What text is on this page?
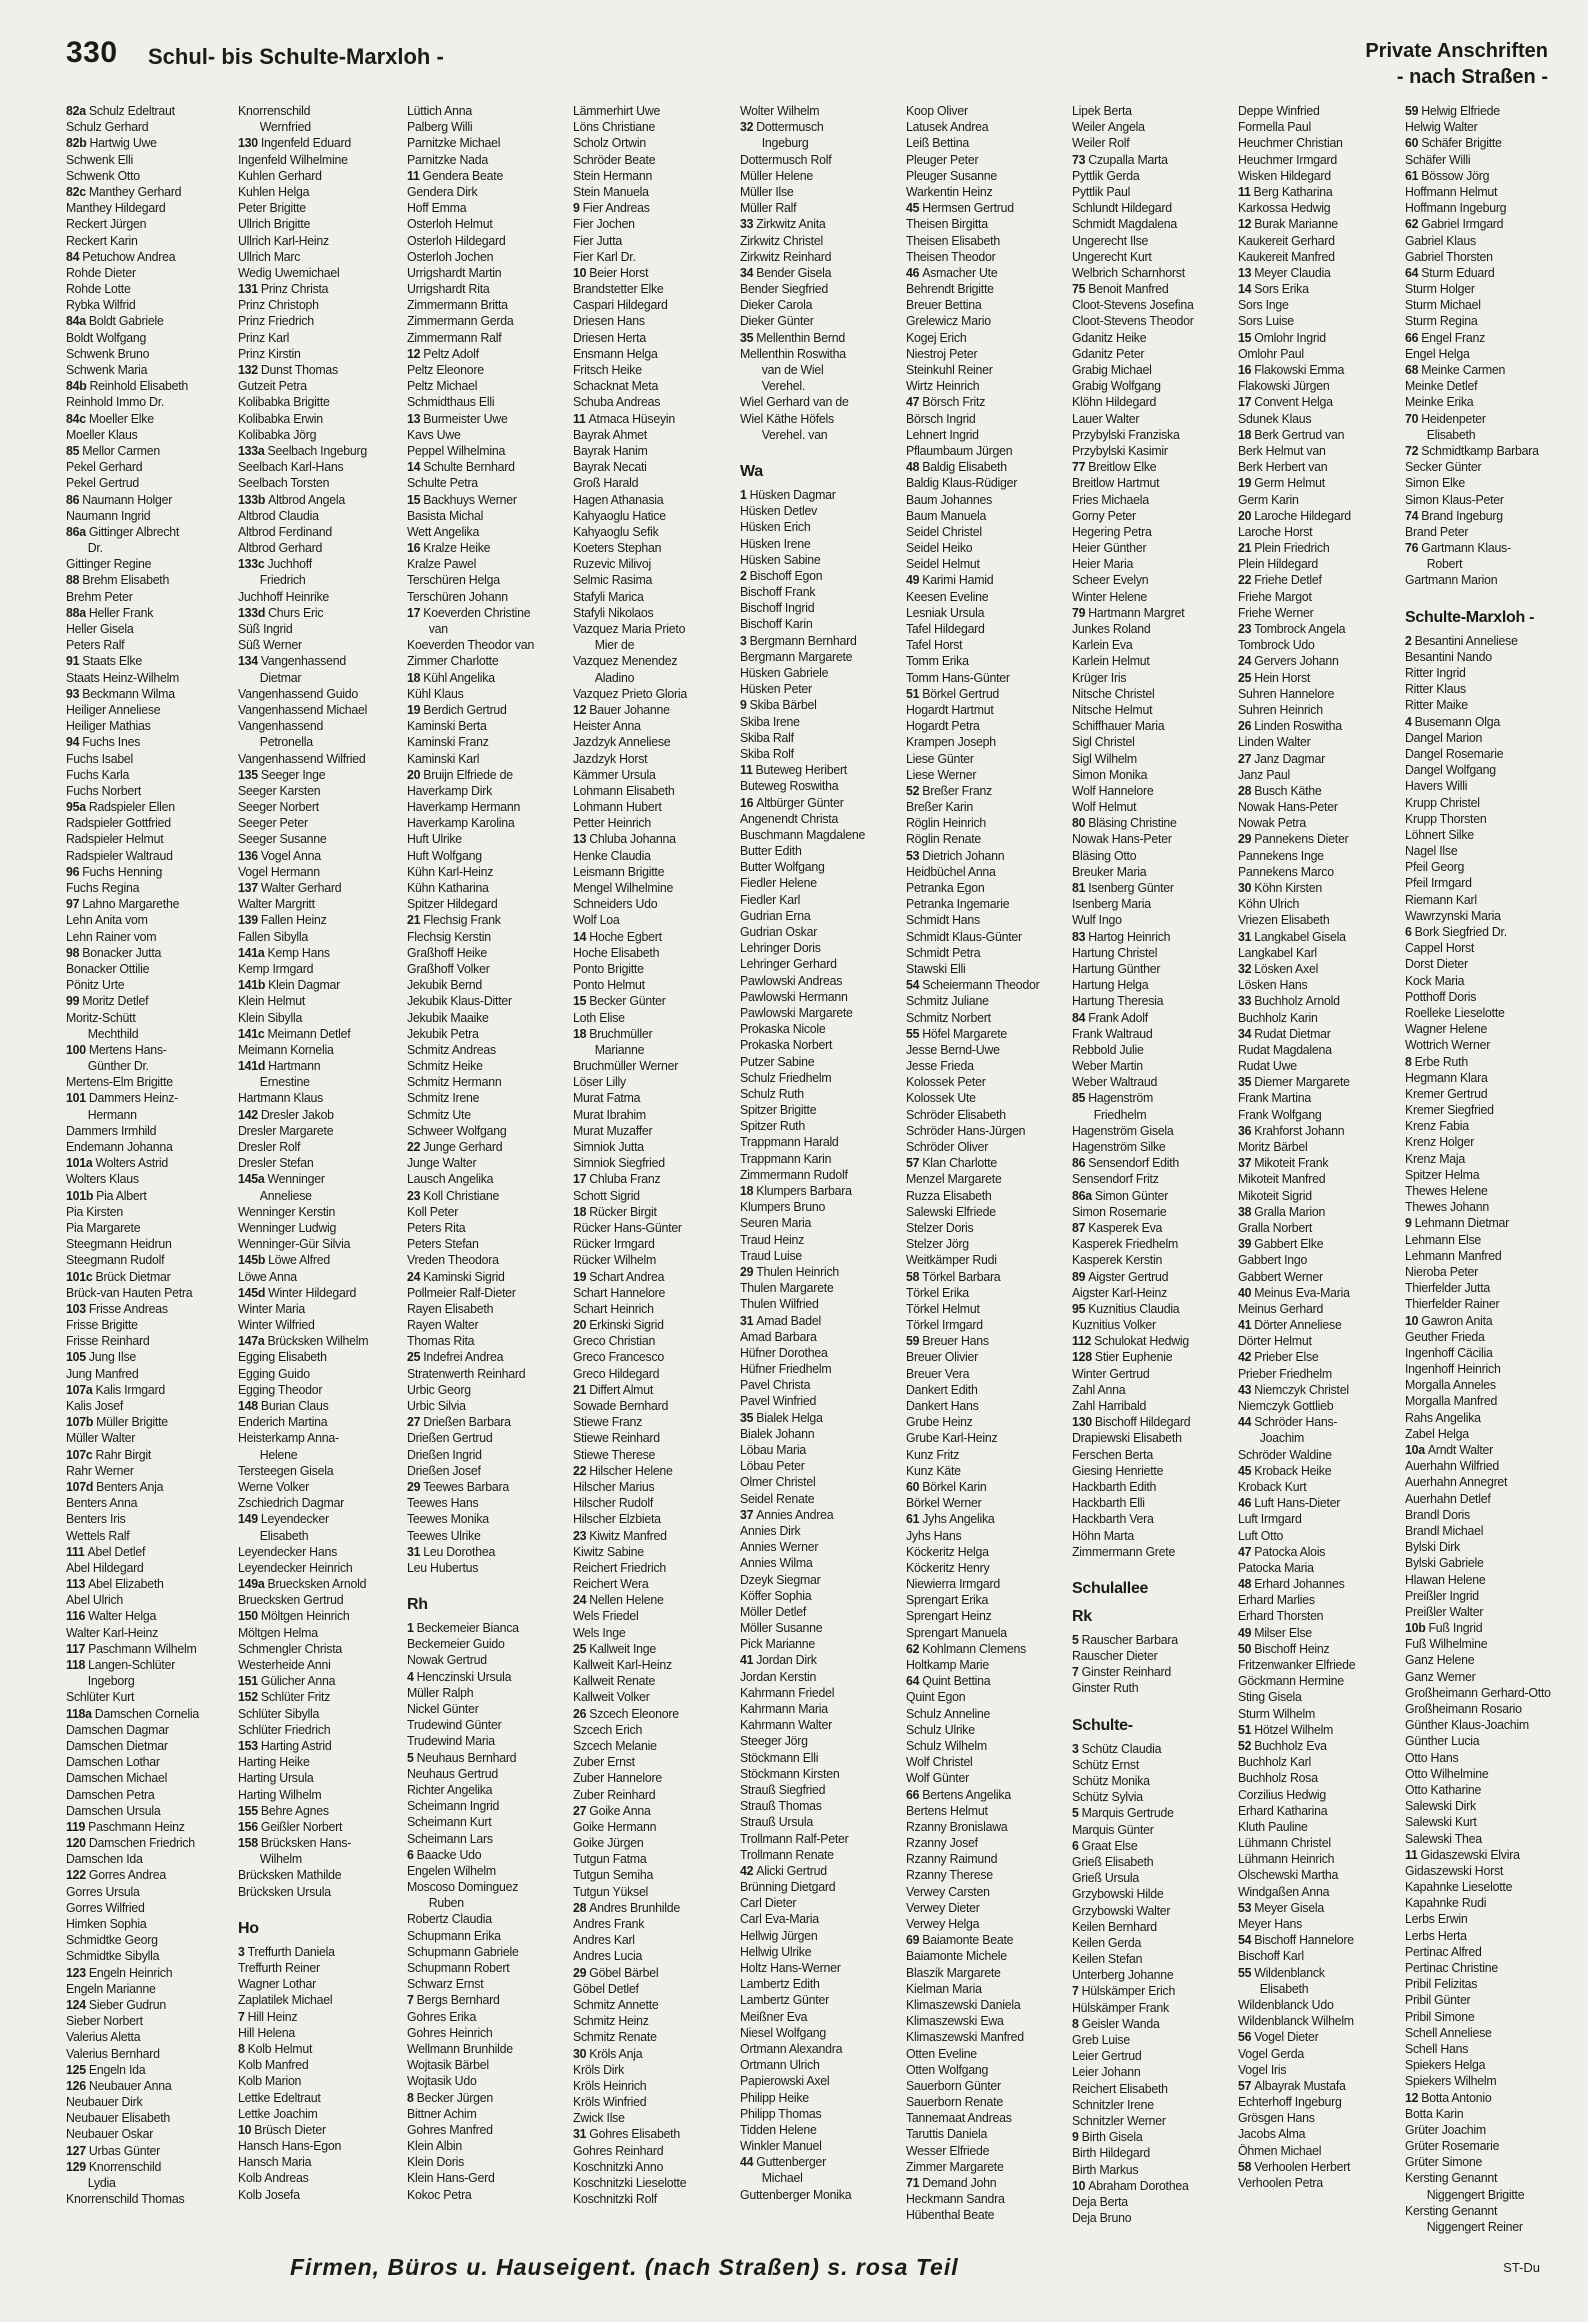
330 Schul- bis Schulte-Marxloh -	Private Anschriften
- nach Straßen -
82a Schulz Edeltraut
Schulz Gerhard
82b Hartwig Uwe
Schwenk Elli
Schwenk Otto
82c Manthey Gerhard
Manthey Hildegard
Reckert Jürgen
Reckert Karin
84 Petuchow Andrea
Rohde Dieter
Rohde Lotte
Rybka Wilfrid
84a Boldt Gabriele
Boldt Wolfgang
Schwenk Bruno
Schwenk Maria
84b Reinhold Elisabeth
Reinhold Immo Dr.
84c Moeller Elke
Moeller Klaus
85 Mellor Carmen
Pekel Gerhard
Pekel Gertrud
86 Naumann Holger
Naumann Ingrid
86a Gittinger Albrecht
Dr.
Gittinger Regine
88 Brehm Elisabeth
Brehm Peter
88a Heller Frank
Heller Gisela
Peters Ralf
91 Staats Elke
Staats Heinz-Wilhelm
93 Beckmann Wilma
Heiliger Anneliese
Heiliger Mathias
94 Fuchs Ines
Fuchs Isabel
Fuchs Karla
Fuchs Norbert
95a Radspieler Ellen
Radspieler Gottfried
Radspieler Helmut
Radspieler Waltraud
96 Fuchs Henning
Fuchs Regina
97 Lahno Margarethe
Lehn Anita vom
Lehn Rainer vom
98 Bonacker Jutta
Bonacker Ottilie
Pönitz Urte
99 Moritz Detlef
Moritz-Schütt
Mechthild
100 Mertens Hans-
Günther Dr.
Mertens-Elm Brigitte
101 Dammers Heinz-
Hermann
Dammers Irmhild
Endemann Johanna
101a Wolters Astrid
Wolters Klaus
101b Pia Albert
Pia Kirsten
Pia Margarete
Steegmann Heidrun
Steegmann Rudolf
101c Brück Dietmar
Brück-van Hauten Petra
103 Frisse Andreas
Frisse Brigitte
Frisse Reinhard
105 Jung Ilse
Jung Manfred
107a Kalis Irmgard
Kalis Josef
107b Müller Brigitte
Müller Walter
107c Rahr Birgit
Rahr Werner
107d Benters Anja
Benters Anna
Benters Iris
Wettels Ralf
111 Abel Detlef
Abel Hildegard
113 Abel Elizabeth
Abel Ulrich
116 Walter Helga
Walter Karl-Heinz
117 Paschmann Wilhelm
118 Langen-Schlüter
Ingeborg
Schlüter Kurt
118a Damschen Cornelia
Damschen Dagmar
Damschen Dietmar
Damschen Lothar
Damschen Michael
Damschen Petra
Damschen Ursula
119 Paschmann Heinz
120 Damschen Friedrich
Damschen Ida
122 Gorres Andrea
Gorres Ursula
Gorres Wilfried
Himken Sophia
Schmidtke Georg
Schmidtke Sibylla
123 Engeln Heinrich
Engeln Marianne
124 Sieber Gudrun
Sieber Norbert
Valerius Aletta
Valerius Bernhard
125 Engeln Ida
126 Neubauer Anna
Neubauer Dirk
Neubauer Elisabeth
Neubauer Oskar
127 Urbas Günter
129 Knorrenschild
Lydia
Knorrenschild Thomas
Knorrenschild
Wernfried
130 Ingenfeld Eduard
Ingenfeld Wilhelmine
Kuhlen Gerhard
Kuhlen Helga
Peter Brigitte
Ullrich Brigitte
Ullrich Karl-Heinz
Ullrich Marc
Wedig Uwemichael
131 Prinz Christa
Prinz Christoph
Prinz Friedrich
Prinz Karl
Prinz Kirstin
132 Dunst Thomas
Gutzeit Petra
Kolibabka Brigitte
Kolibabka Erwin
Kolibabka Jörg
133a Seelbach Ingeburg
Seelbach Karl-Hans
Seelbach Torsten
133b Altbrod Angela
Altbrod Claudia
Altbrod Ferdinand
Altbrod Gerhard
133c Juchhoff
Friedrich
Juchhoff Heinrike
133d Churs Eric
Süß Ingrid
Süß Werner
134 Vangenhassend
Dietmar
Vangenhassend Guido
Vangenhassend Michael
Vangenhassend
Petronella
Vangenhassend Wilfried
135 Seeger Inge
Seeger Karsten
Seeger Norbert
Seeger Peter
Seeger Susanne
136 Vogel Anna
Vogel Hermann
137 Walter Gerhard
Walter Margritt
139 Fallen Heinz
Fallen Sibylla
141a Kemp Hans
Kemp Irmgard
141b Klein Dagmar
Klein Helmut
Klein Sibylla
141c Meimann Detlef
Meimann Kornelia
141d Hartmann
Ernestine
Hartmann Klaus
142 Dresler Jakob
Dresler Margarete
Dresler Rolf
Dresler Stefan
145a Wenninger
Anneliese
Wenninger Kerstin
Wenninger Ludwig
Wenninger-Gür Silvia
145b Löwe Alfred
Löwe Anna
145d Winter Hildegard
Winter Maria
Winter Wilfried
147a Brücksken Wilhelm
Egging Elisabeth
Egging Guido
Egging Theodor
148 Burian Claus
Enderich Martina
Heisterkamp Anna-
Helene
Tersteegen Gisela
Werne Volker
Zschiedrich Dagmar
149 Leyendecker
Elisabeth
Leyendecker Hans
Leyendecker Heinrich
149a Bruecksken Arnold
Bruecksken Gertrud
150 Möltgen Heinrich
Möltgen Helma
Schmengler Christa
Westerheide Anni
151 Gülicher Anna
152 Schlüter Fritz
Schlüter Sibylla
Schlüter Friedrich
153 Harting Astrid
Harting Heike
Harting Ursula
Harting Wilhelm
155 Behre Agnes
156 Geißler Norbert
158 Brücksken Hans-
Wilhelm
Brücksken Mathilde
Brücksken Ursula
Ho
3 Treffurth Daniela
Treffurth Reiner
Wagner Lothar
Zaplatilek Michael
7 Hill Heinz
Hill Helena
8 Kolb Helmut
Kolb Manfred
Kolb Marion
Lettke Edeltraut
Lettke Joachim
10 Brüsch Dieter
Hansch Hans-Egon
Hansch Maria
Kolb Andreas
Kolb Josefa
Lüttich Anna
Palberg Willi
Parnitzke Michael
Parnitzke Nada
11 Gendera Beate
Gendera Dirk
Hoff Emma
Osterloh Helmut
Osterloh Hildegard
Osterloh Jochen
Urrigshardt Martin
Urrigshardt Rita
Zimmermann Britta
Zimmermann Gerda
Zimmermann Ralf
12 Peltz Adolf
Peltz Eleonore
Peltz Michael
Schmidthaus Elli
13 Burmeister Uwe
Kavs Uwe
Peppel Wilhelmina
14 Schulte Bernhard
Schulte Petra
15 Backhuys Werner
Basista Michal
Wett Angelika
16 Kralze Heike
Kralze Pawel
Terschüren Helga
Terschüren Johann
17 Koeverden Christine
van
Koeverden Theodor van
Zimmer Charlotte
18 Kühl Angelika
Kühl Klaus
19 Berdich Gertrud
Kaminski Berta
Kaminski Franz
Kaminski Karl
20 Bruijn Elfriede de
Haverkamp Dirk
Haverkamp Hermann
Haverkamp Karolina
Huft Ulrike
Huft Wolfgang
Kühn Karl-Heinz
Kühn Katharina
Spitzer Hildegard
21 Flechsig Frank
Flechsig Kerstin
Graßhoff Heike
Graßhoff Volker
Jekubik Bernd
Jekubik Klaus-Ditter
Jekubik Maaike
Jekubik Petra
Schmitz Andreas
Schmitz Heike
Schmitz Hermann
Schmitz Irene
Schmitz Ute
Schweer Wolfgang
22 Junge Gerhard
Junge Walter
Lausch Angelika
23 Koll Christiane
Koll Peter
Peters Rita
Peters Stefan
Vreden Theodora
24 Kaminski Sigrid
Pollmeier Ralf-Dieter
Rayen Elisabeth
Rayen Walter
Thomas Rita
25 Indefrei Andrea
Stratenwerth Reinhard
Urbic Georg
Urbic Silvia
27 Drießen Barbara
Drießen Gertrud
Drießen Ingrid
Drießen Josef
29 Teewes Barbara
Teewes Hans
Teewes Monika
Teewes Ulrike
31 Leu Dorothea
Leu Hubertus
Rh
1 Beckemeier Bianca
Beckemeier Guido
Nowak Gertrud
4 Henczinski Ursula
Müller Ralph
Nickel Günter
Trudewind Günter
Trudewind Maria
5 Neuhaus Bernhard
Neuhaus Gertrud
Richter Angelika
Scheimann Ingrid
Scheimann Kurt
Scheimann Lars
6 Baacke Udo
Engelen Wilhelm
Moscoso Dominguez
Ruben
Robertz Claudia
Schupmann Erika
Schupmann Gabriele
Schupmann Robert
Schwarz Ernst
7 Bergs Bernhard
Gohres Erika
Gohres Heinrich
Wellmann Brunhilde
Wojtasik Bärbel
Wojtasik Udo
8 Becker Jürgen
Bittner Achim
Gohres Manfred
Klein Albin
Klein Doris
Klein Hans-Gerd
Kokoc Petra
Lämmerhirt Uwe
Löns Christiane
Scholz Ortwin
Schröder Beate
Stein Hermann
Stein Manuela
9 Fier Andreas
Fier Jochen
Fier Jutta
Fier Karl Dr.
10 Beier Horst
Brandstetter Elke
Caspari Hildegard
Driesen Hans
Driesen Herta
Ensmann Helga
Fritsch Heike
Schacknat Meta
Schuba Andreas
11 Atmaca Hüseyin
Bayrak Ahmet
Bayrak Hanim
Bayrak Necati
Groß Harald
Hagen Athanasia
Kahyaoglu Hatice
Kahyaoglu Sefik
Koeters Stephan
Ruzevic Milivoj
Selmic Rasima
Stafyli Marica
Stafyli Nikolaos
Vazquez Maria Prieto
Mier de
Vazquez Menendez
Aladino
Vazquez Prieto Gloria
12 Bauer Johanne
Heister Anna
Jazdzyk Anneliese
Jazdzyk Horst
Kämmer Ursula
Lohmann Elisabeth
Lohmann Hubert
Petter Heinrich
13 Chluba Johanna
Henke Claudia
Leismann Brigitte
Mengel Wilhelmine
Schneiders Udo
Wolf Loa
14 Hoche Egbert
Hoche Elisabeth
Ponto Brigitte
Ponto Helmut
15 Becker Günter
Loth Elise
18 Bruchmüller
Marianne
Bruchmüller Werner
Löser Lilly
Murat Fatma
Murat Ibrahim
Murat Muzaffer
Simniok Jutta
Simniok Siegfried
17 Chluba Franz
Schott Sigrid
18 Rücker Birgit
Rücker Hans-Günter
Rücker Irmgard
Rücker Wilhelm
19 Schart Andrea
Schart Hannelore
Schart Heinrich
20 Erkinski Sigrid
Greco Christian
Greco Francesco
Greco Hildegard
21 Differt Almut
Sowade Bernhard
Stiewe Franz
Stiewe Reinhard
Stiewe Therese
22 Hilscher Helene
Hilscher Marius
Hilscher Rudolf
Hilscher Elzbieta
23 Kiwitz Manfred
Kiwitz Sabine
Reichert Friedrich
Reichert Wera
24 Nellen Helene
Wels Friedel
Wels Inge
25 Kallweit Inge
Kallweit Karl-Heinz
Kallweit Renate
Kallweit Volker
26 Szcech Eleonore
Szcech Erich
Szcech Melanie
Zuber Ernst
Zuber Hannelore
Zuber Reinhard
27 Goike Anna
Goike Hermann
Goike Jürgen
Tutgun Fatma
Tutgun Semiha
Tutgun Yüksel
28 Andres Brunhilde
Andres Frank
Andres Karl
Andres Lucia
29 Göbel Bärbel
Göbel Detlef
Schmitz Annette
Schmitz Heinz
Schmitz Renate
30 Kröls Anja
Kröls Dirk
Kröls Heinrich
Kröls Winfried
Zwick Ilse
31 Gohres Elisabeth
Gohres Reinhard
Koschnitzki Anno
Koschnitzki Lieselotte
Koschnitzki Rolf
Wolter Wilhelm
32 Dottermusch
Ingeburg
Dottermusch Rolf
Müller Helene
Müller Ilse
Müller Ralf
33 Zirkwitz Anita
Zirkwitz Christel
Zirkwitz Reinhard
34 Bender Gisela
Bender Siegfried
Dieker Carola
Dieker Günter
35 Mellenthin Bernd
Mellenthin Roswitha
van de Wiel
Verehel.
Wiel Gerhard van de
Wiel Käthe Höfels
Verehel. van
Wa
1 Hüsken Dagmar
Hüsken Detlev
Hüsken Erich
Hüsken Irene
Hüsken Sabine
2 Bischoff Egon
Bischoff Frank
Bischoff Ingrid
Bischoff Karin
3 Bergmann Bernhard
Bergmann Margarete
Hüsken Gabriele
Hüsken Peter
9 Skiba Bärbel
Skiba Irene
Skiba Ralf
Skiba Rolf
11 Buteweg Heribert
Buteweg Roswitha
16 Altbürger Günter
Angenendt Christa
Buschmann Magdalene
Butter Edith
Butter Wolfgang
Fiedler Helene
Fiedler Karl
Gudrian Erna
Gudrian Oskar
Lehringer Doris
Lehringer Gerhard
Pawlowski Andreas
Pawlowski Hermann
Pawlowski Margarete
Prokaska Nicole
Prokaska Norbert
Putzer Sabine
Schulz Friedhelm
Schulz Ruth
Spitzer Brigitte
Spitzer Ruth
Trappmann Harald
Trappmann Karin
Zimmermann Rudolf
18 Klumpers Barbara
Klumpers Bruno
Seuren Maria
Traud Heinz
Traud Luise
29 Thulen Heinrich
Thulen Margarete
Thulen Wilfried
31 Amad Badel
Amad Barbara
Hüfner Dorothea
Hüfner Friedhelm
Pavel Christa
Pavel Winfried
35 Bialek Helga
Bialek Johann
Löbau Maria
Löbau Peter
Olmer Christel
Seidel Renate
37 Annies Andrea
Annies Dirk
Annies Werner
Annies Wilma
Dzeyk Siegmar
Köffer Sophia
Möller Detlef
Möller Susanne
Pick Marianne
41 Jordan Dirk
Jordan Kerstin
Kahrmann Friedel
Kahrmann Maria
Kahrmann Walter
Steeger Jörg
Stöckmann Elli
Stöckmann Kirsten
Strauß Siegfried
Strauß Thomas
Strauß Ursula
Trollmann Ralf-Peter
Trollmann Renate
42 Alicki Gertrud
Brünning Dietgard
Carl Dieter
Carl Eva-Maria
Hellwig Jürgen
Hellwig Ulrike
Holtz Hans-Werner
Lambertz Edith
Lambertz Günter
Meißner Eva
Niesel Wolfgang
Ortmann Alexandra
Ortmann Ulrich
Papierowski Axel
Philipp Heike
Philipp Thomas
Tidden Helene
Winkler Manuel
44 Guttenberger
Michael
Guttenberger Monika
Koop Oliver
Latusek Andrea
Leiß Bettina
Pleuger Peter
Pleuger Susanne
Warkentin Heinz
45 Hermsen Gertrud
Theisen Birgitta
Theisen Elisabeth
Theisen Theodor
46 Asmacher Ute
Behrendt Brigitte
Breuer Bettina
Grelewicz Mario
Kogej Erich
Niestroj Peter
Steinkuhl Reiner
Wirtz Heinrich
47 Börsch Fritz
Börsch Ingrid
Lehnert Ingrid
Pflaumbaum Jürgen
48 Baldig Elisabeth
Baldig Klaus-Rüdiger
Baum Johannes
Baum Manuela
Seidel Christel
Seidel Heiko
Seidel Helmut
49 Karimi Hamid
Keesen Eveline
Lesniak Ursula
Tafel Hildegard
Tafel Horst
Tomm Erika
Tomm Hans-Günter
51 Börkel Gertrud
Hogardt Hartmut
Hogardt Petra
Krampen Joseph
Liese Günter
Liese Werner
52 Breßer Franz
Breßer Karin
Röglin Heinrich
Röglin Renate
53 Dietrich Johann
Heidbüchel Anna
Petranka Egon
Petranka Ingemarie
Schmidt Hans
Schmidt Klaus-Günter
Schmidt Petra
Stawski Elli
54 Scheiermann Theodor
Schmitz Juliane
Schmitz Norbert
55 Höfel Margarete
Jesse Bernd-Uwe
Jesse Frieda
Kolossek Peter
Kolossek Ute
Schröder Elisabeth
Schröder Hans-Jürgen
Schröder Oliver
57 Klan Charlotte
Menzel Margarete
Ruzza Elisabeth
Salewski Elfriede
Stelzer Doris
Stelzer Jörg
Weitkämper Rudi
58 Törkel Barbara
Törkel Erika
Törkel Helmut
Törkel Irmgard
59 Breuer Hans
Breuer Olivier
Breuer Vera
Dankert Edith
Dankert Hans
Grube Heinz
Grube Karl-Heinz
Kunz Fritz
Kunz Käte
60 Börkel Karin
Börkel Werner
61 Jyhs Angelika
Jyhs Hans
Köckeritz Helga
Köckeritz Henry
Niewierra Irmgard
Sprengart Erika
Sprengart Heinz
Sprengart Manuela
62 Kohlmann Clemens
Holtkamp Marie
64 Quint Bettina
Quint Egon
Schulz Anneline
Schulz Ulrike
Schulz Wilhelm
Wolf Christel
Wolf Günter
66 Bertens Angelika
Bertens Helmut
Rzanny Bronislawa
Rzanny Josef
Rzanny Raimund
Rzanny Therese
Verwey Carsten
Verwey Dieter
Verwey Helga
69 Baiamonte Beate
Baiamonte Michele
Blaszik Margarete
Kielman Maria
Klimaszewski Daniela
Klimaszewski Ewa
Klimaszewski Manfred
Otten Eveline
Otten Wolfgang
Sauerborn Günter
Sauerborn Renate
Tannemaat Andreas
Taruttis Daniela
Wesser Elfriede
Zimmer Margarete
71 Demand John
Heckmann Sandra
Hübenthal Beate
Lipek Berta
Weiler Angela
Weiler Rolf
73 Czupalla Marta
Pyttlik Gerda
Pyttlik Paul
Schlundt Hildegard
Schmidt Magdalena
Ungerecht Ilse
Ungerecht Kurt
Welbrich Scharnhorst
75 Benoit Manfred
Cloot-Stevens Josefina
Cloot-Stevens Theodor
Gdanitz Heike
Gdanitz Peter
Grabig Michael
Grabig Wolfgang
Klöhn Hildegard
Lauer Walter
Przybylski Franziska
Przybylski Kasimir
77 Breitlow Elke
Breitlow Hartmut
Fries Michaela
Gorny Peter
Hegering Petra
Heier Günther
Heier Maria
Scheer Evelyn
Winter Helene
79 Hartmann Margret
Junkes Roland
Karlein Eva
Karlein Helmut
Krüger Iris
Nitsche Christel
Nitsche Helmut
Schiffhauer Maria
Sigl Christel
Sigl Wilhelm
Simon Monika
Wolf Hannelore
Wolf Helmut
80 Bläsing Christine
Nowak Hans-Peter
Bläsing Otto
Breuker Maria
81 Isenberg Günter
Isenberg Maria
Wulf Ingo
83 Hartog Heinrich
Hartung Christel
Hartung Günther
Hartung Helga
Hartung Theresia
84 Frank Adolf
Frank Waltraud
Rebbold Julie
Weber Martin
Weber Waltraud
85 Hagenström
Friedhelm
Hagenström Gisela
Hagenström Silke
86 Sensendorf Edith
Sensendorf Fritz
86a Simon Günter
Simon Rosemarie
87 Kasperek Eva
Kasperek Friedhelm
Kasperek Kerstin
89 Aigster Gertrud
Aigster Karl-Heinz
95 Kuznitius Claudia
Kuznitius Volker
112 Schulokat Hedwig
128 Stier Euphenie
Winter Gertrud
Zahl Anna
Zahl Harribald
130 Bischoff Hildegard
Drapiewski Elisabeth
Ferschen Berta
Giesing Henriette
Hackbarth Edith
Hackbarth Elli
Hackbarth Vera
Höhn Marta
Zimmermann Grete
Schulallee
Rk
5 Rauscher Barbara
Rauscher Dieter
7 Ginster Reinhard
Ginster Ruth
Schulte-
3 Schütz Claudia
Schütz Ernst
Schütz Monika
Schütz Sylvia
5 Marquis Gertrude
Marquis Günter
6 Graat Else
Grieß Elisabeth
Grieß Ursula
Grzybowski Hilde
Grzybowski Walter
Keilen Bernhard
Keilen Gerda
Keilen Stefan
Unterberg Johanne
7 Hülskämper Erich
Hülskämper Frank
8 Geisler Wanda
Greb Luise
Leier Gertrud
Leier Johann
Reichert Elisabeth
Schnitzler Irene
Schnitzler Werner
9 Birth Gisela
Birth Hildegard
Birth Markus
10 Abraham Dorothea
Deja Berta
Deja Bruno
Deppe Winfried
Formella Paul
Heuchmer Christian
Heuchmer Irmgard
Wisken Hildegard
11 Berg Katharina
Karkossa Hedwig
12 Burak Marianne
Kaukereit Gerhard
Kaukereit Manfred
13 Meyer Claudia
14 Sors Erika
Sors Inge
Sors Luise
15 Omlohr Ingrid
Omlohr Paul
16 Flakowski Emma
Flakowski Jürgen
17 Convent Helga
Sdunek Klaus
18 Berk Gertrud van
Berk Helmut van
Berk Herbert van
19 Germ Helmut
Germ Karin
20 Laroche Hildegard
Laroche Horst
21 Plein Friedrich
Plein Hildegard
22 Friehe Detlef
Friehe Margot
Friehe Werner
23 Tombrock Angela
Tombrock Udo
24 Gervers Johann
25 Hein Horst
Suhren Hannelore
Suhren Heinrich
26 Linden Roswitha
Linden Walter
27 Janz Dagmar
Janz Paul
28 Busch Käthe
Nowak Hans-Peter
Nowak Petra
29 Pannekens Dieter
Pannekens Inge
Pannekens Marco
30 Köhn Kirsten
Köhn Ulrich
Vriezen Elisabeth
31 Langkabel Gisela
Langkabel Karl
32 Lösken Axel
Lösken Hans
33 Buchholz Arnold
Buchholz Karin
34 Rudat Dietmar
Rudat Magdalena
Rudat Uwe
35 Diemer Margarete
Frank Martina
Frank Wolfgang
36 Krahforst Johann
Moritz Bärbel
37 Mikoteit Frank
Mikoteit Manfred
Mikoteit Sigrid
38 Gralla Marion
Gralla Norbert
39 Gabbert Elke
Gabbert Ingo
Gabbert Werner
40 Meinus Eva-Maria
Meinus Gerhard
41 Dörter Anneliese
Dörter Helmut
42 Prieber Else
Prieber Friedhelm
43 Niemczyk Christel
Niemczyk Gottlieb
44 Schröder Hans-
Joachim
Schröder Waldine
45 Kroback Heike
Kroback Kurt
46 Luft Hans-Dieter
Luft Irmgard
Luft Otto
47 Patocka Alois
Patocka Maria
48 Erhard Johannes
Erhard Marlies
Erhard Thorsten
49 Milser Else
50 Bischoff Heinz
Fritzenwanker Elfriede
Göckmann Hermine
Sting Gisela
Sturm Wilhelm
51 Hötzel Wilhelm
52 Buchholz Eva
Buchholz Karl
Buchholz Rosa
Corzilius Hedwig
Erhard Katharina
Kluth Pauline
Lühmann Christel
Lühmann Heinrich
Olschewski Martha
Windgaßen Anna
53 Meyer Gisela
Meyer Hans
54 Bischoff Hannelore
Bischoff Karl
55 Wildenblanck
Elisabeth
Wildenblanck Udo
Wildenblanck Wilhelm
56 Vogel Dieter
Vogel Gerda
Vogel Iris
57 Albayrak Mustafa
Echterhoff Ingeburg
Grösgen Hans
Jacobs Alma
Öhmen Michael
58 Verhoolen Herbert
Verhoolen Petra
59 Helwig Elfriede
Helwig Walter
60 Schäfer Brigitte
Schäfer Willi
61 Bössow Jörg
Hoffmann Helmut
Hoffmann Ingeburg
62 Gabriel Irmgard
Gabriel Klaus
Gabriel Thorsten
64 Sturm Eduard
Sturm Holger
Sturm Michael
Sturm Regina
66 Engel Franz
Engel Helga
68 Meinke Carmen
Meinke Detlef
Meinke Erika
70 Heidenpeter
Elisabeth
72 Schmidtkamp Barbara
Secker Günter
Simon Elke
Simon Klaus-Peter
74 Brand Ingeburg
Brand Peter
76 Gartmann Klaus-
Robert
Gartmann Marion
Schulte-Marxloh -
2 Besantini Anneliese
Besantini Nando
Ritter Ingrid
Ritter Klaus
Ritter Maike
4 Busemann Olga
Dangel Marion
Dangel Rosemarie
Dangel Wolfgang
Havers Willi
Krupp Christel
Krupp Thorsten
Löhnert Silke
Nagel Ilse
Pfeil Georg
Pfeil Irmgard
Riemann Karl
Wawrzynski Maria
6 Bork Siegfried Dr.
Cappel Horst
Dorst Dieter
Kock Maria
Potthoff Doris
Roelleke Lieselotte
Wagner Helene
Wottrich Werner
8 Erbe Ruth
Hegmann Klara
Kremer Gertrud
Kremer Siegfried
Krenz Fabia
Krenz Holger
Krenz Maja
Spitzer Helma
Thewes Helene
Thewes Johann
9 Lehmann Dietmar
Lehmann Else
Lehmann Manfred
Nieroba Peter
Thierfelder Jutta
Thierfelder Rainer
10 Gawron Anita
Geuther Frieda
Ingenhoff Cäcilia
Ingenhoff Heinrich
Morgalla Anneles
Morgalla Manfred
Rahs Angelika
Zabel Helga
10a Arndt Walter
Auerhahn Wilfried
Auerhahn Annegret
Auerhahn Detlef
Brandl Doris
Brandl Michael
Bylski Dirk
Bylski Gabriele
Hlawan Helene
Preißler Ingrid
Preißler Walter
10b Fuß Ingrid
Fuß Wilhelmine
Ganz Helene
Ganz Werner
Großheimann Gerhard-Otto
Großheimann Rosario
Günther Klaus-Joachim
Günther Lucia
Otto Hans
Otto Wilhelmine
Otto Katharine
Salewski Dirk
Salewski Kurt
Salewski Thea
11 Gidaszewski Elvira
Gidaszewski Horst
Kapahnke Lieselotte
Kapahnke Rudi
Lerbs Erwin
Lerbs Herta
Pertinac Alfred
Pertinac Christine
Pribil Felizitas
Pribil Günter
Pribil Simone
Schell Anneliese
Schell Hans
Spiekers Helga
Spiekers Wilhelm
12 Botta Antonio
Botta Karin
Grüter Joachim
Grüter Rosemarie
Grüter Simone
Kersting Genannt
Niggengert Brigitte
Kersting Genannt
Niggengert Reiner
Firmen, Büros u. Hauseigent. (nach Straßen) s. rosa Teil	ST-Du
